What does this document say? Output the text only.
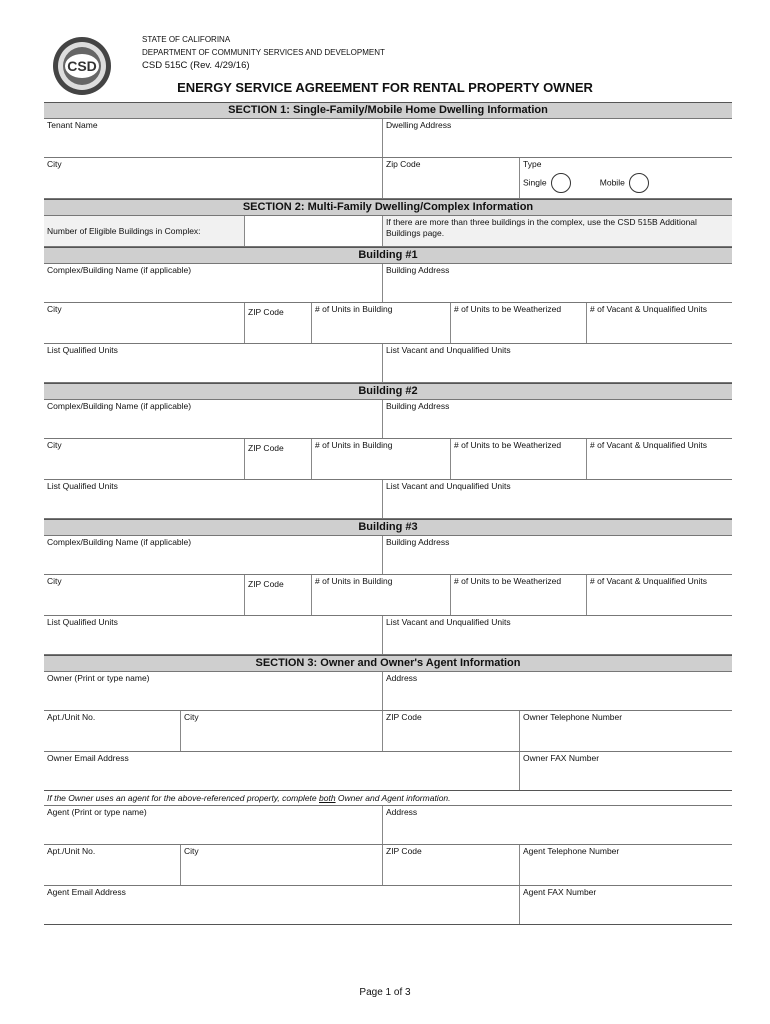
CSD
STATE OF CALIFORINA
DEPARTMENT OF COMMUNITY SERVICES AND DEVELOPMENT
CSD 515C (Rev. 4/29/16)
ENERGY SERVICE AGREEMENT FOR RENTAL PROPERTY OWNER
SECTION 1: Single-Family/Mobile Home Dwelling Information
Tenant Name	Dwelling Address
City	Zip Code	Type
Single	Mobile
SECTION 2: Multi-Family Dwelling/Complex Information
Number of Eligible Buildings in Complex:
If there are more than three buildings in the complex, use the CSD 515B Additional Buildings page.
Building #1
Complex/Building Name (if applicable)	Building Address
City	ZIP Code	# of Units in Building	# of Units to be Weatherized	# of Vacant & Unqualified Units
List Qualified Units	List Vacant and Unqualified Units
Building #2
Complex/Building Name (if applicable)	Building Address
City	ZIP Code	# of Units in Building	# of Units to be Weatherized	# of Vacant & Unqualified Units
List Qualified Units	List Vacant and Unqualified Units
Building #3
Complex/Building Name (if applicable)	Building Address
City	ZIP Code	# of Units in Building	# of Units to be Weatherized	# of Vacant & Unqualified Units
List Qualified Units	List Vacant and Unqualified Units
SECTION 3: Owner and Owner's Agent Information
Owner (Print or type name)	Address
Apt./Unit No.	City	ZIP Code	Owner Telephone Number
Owner Email Address	Owner FAX Number
If the Owner uses an agent for the above-referenced property, complete both Owner and Agent information.
Agent (Print or type name)	Address
Apt./Unit No.	City	ZIP Code	Agent Telephone Number
Agent Email Address	Agent FAX Number
Page 1 of 3
